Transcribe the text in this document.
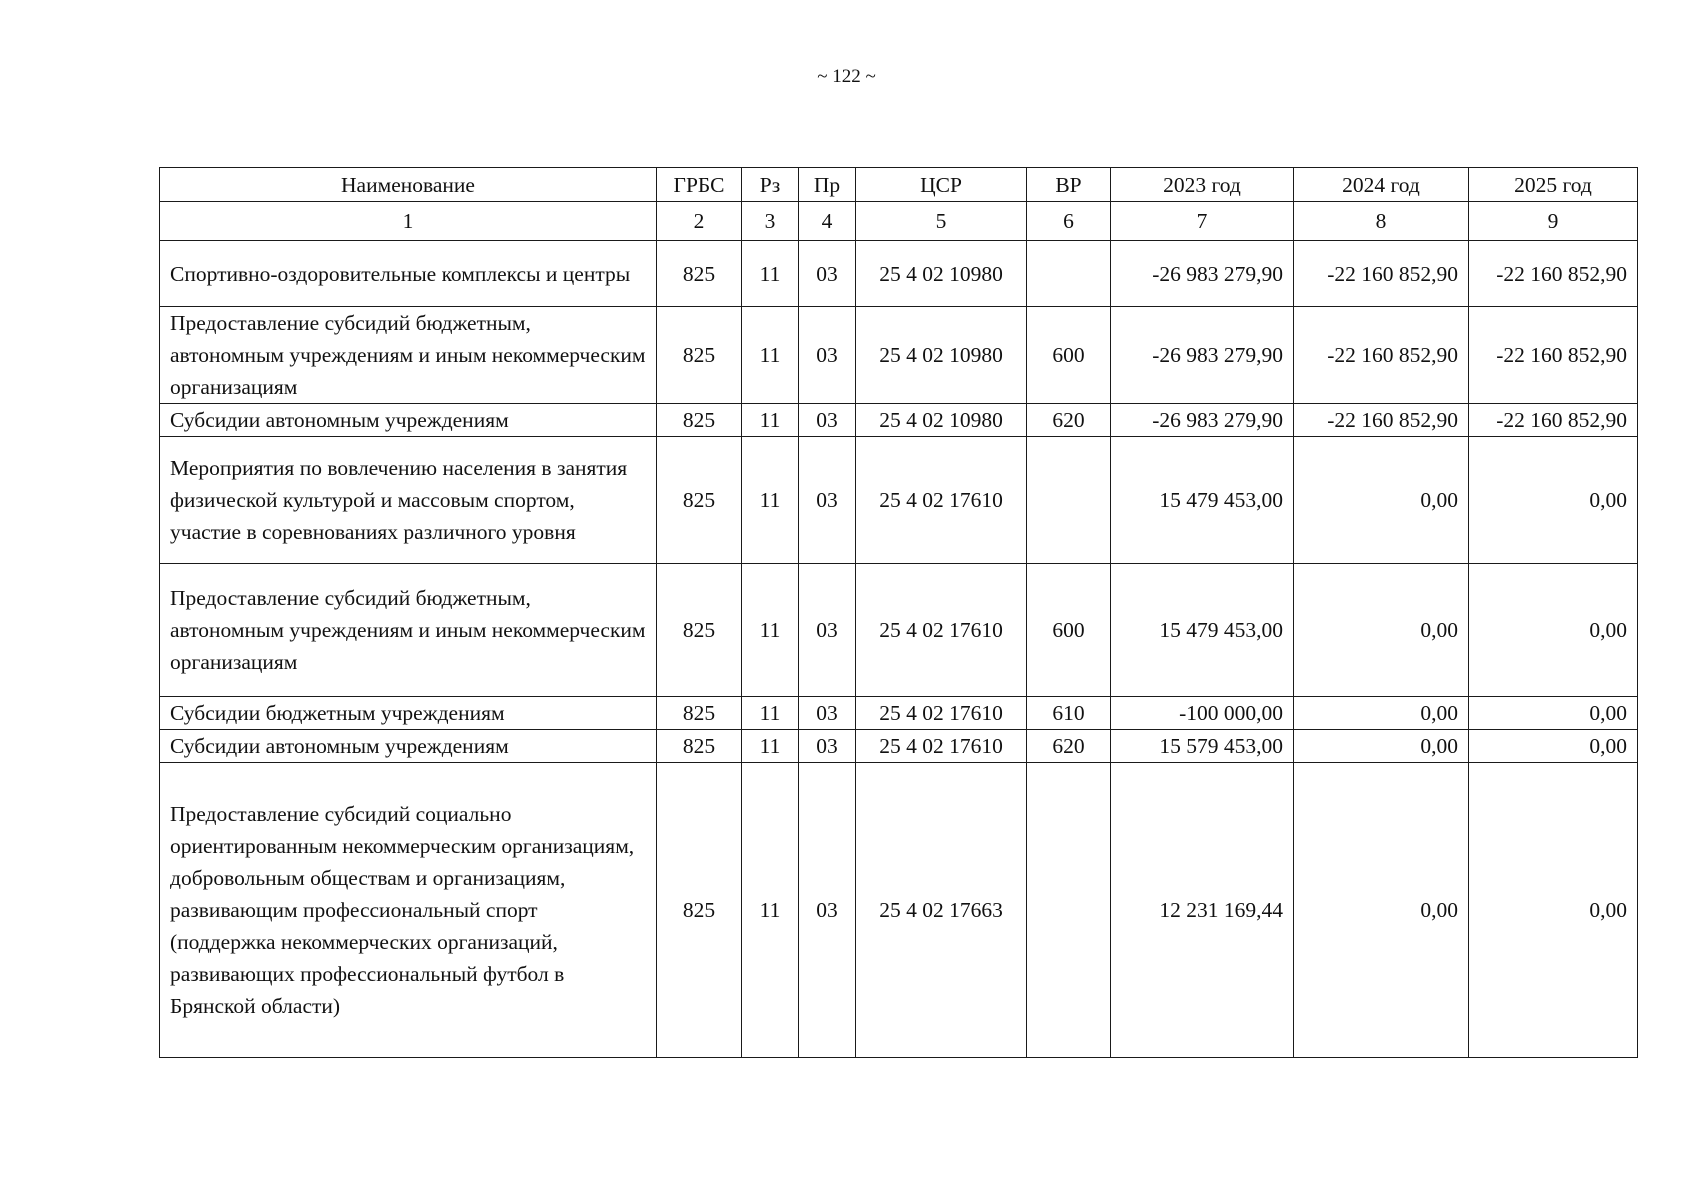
~ 122 ~
Наименование	ГРБС	Рз	Пр	ЦСР	ВР	2023 год	2024 год	2025 год
1	2	3	4	5	6	7	8	9
Спортивно-оздоровительные комплексы и центры	825	11	03	25 4 02 10980		-26 983 279,90	-22 160 852,90	-22 160 852,90
Предоставление субсидий бюджетным, автономным учреждениям и иным некоммерческим организациям	825	11	03	25 4 02 10980	600	-26 983 279,90	-22 160 852,90	-22 160 852,90
Субсидии автономным учреждениям	825	11	03	25 4 02 10980	620	-26 983 279,90	-22 160 852,90	-22 160 852,90
Мероприятия по вовлечению населения в занятия физической культурой и массовым спортом, участие в соревнованиях различного уровня	825	11	03	25 4 02 17610		15 479 453,00	0,00	0,00
Предоставление субсидий бюджетным, автономным учреждениям и иным некоммерческим организациям	825	11	03	25 4 02 17610	600	15 479 453,00	0,00	0,00
Субсидии бюджетным учреждениям	825	11	03	25 4 02 17610	610	-100 000,00	0,00	0,00
Субсидии автономным учреждениям	825	11	03	25 4 02 17610	620	15 579 453,00	0,00	0,00
Предоставление субсидий социально ориентированным некоммерческим организациям, добровольным обществам и организациям, развивающим профессиональный спорт (поддержка некоммерческих организаций, развивающих профессиональный футбол в Брянской области)	825	11	03	25 4 02 17663		12 231 169,44	0,00	0,00
